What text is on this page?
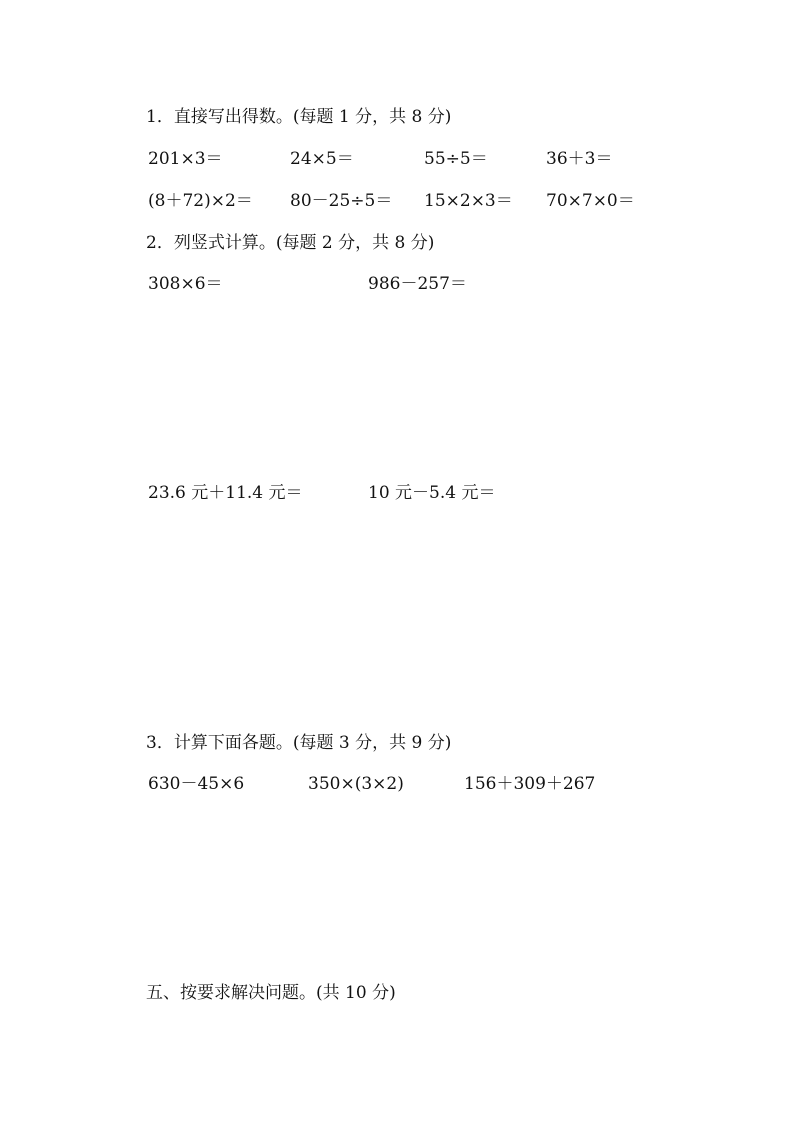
1．直接写出得数。(每题 1 分，共 8 分)
201×3＝	24×5＝	55÷5＝	36＋3＝
(8＋72)×2＝ 80－25÷5＝ 15×2×3＝ 70×7×0＝
2．列竖式计算。(每题 2 分，共 8 分)
308×6＝	986－257＝
23.6 元＋11.4 元＝	10 元－5.4 元＝
3．计算下面各题。(每题 3 分，共 9 分)
630－45×6	350×(3×2)	156＋309＋267
五、按要求解决问题。(共 10 分)
